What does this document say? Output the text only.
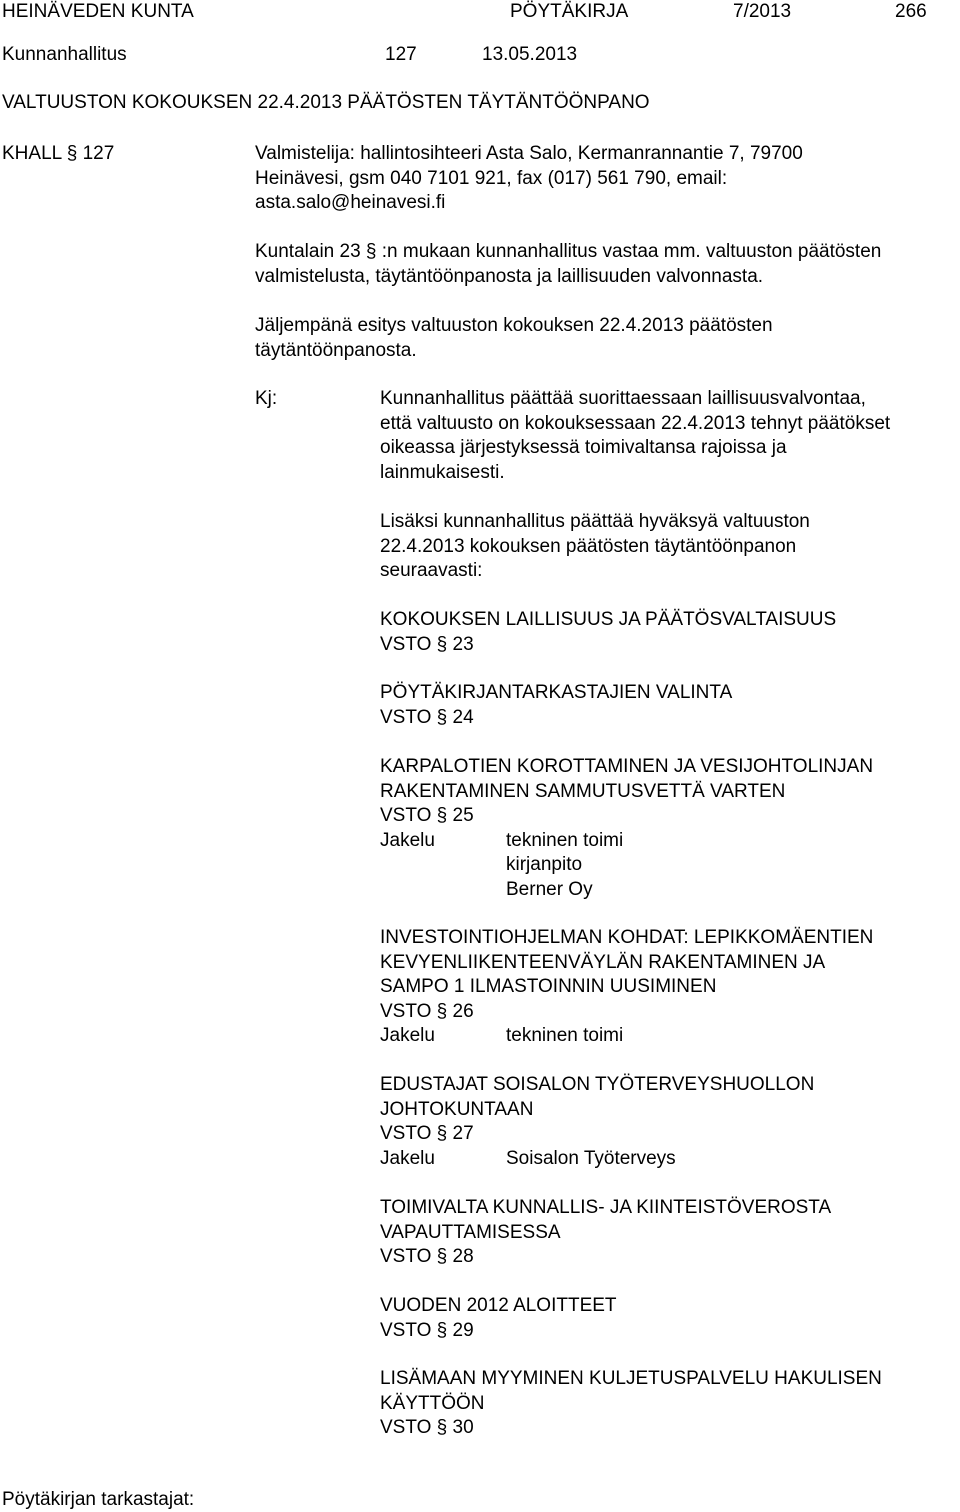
HEINÄVEDEN KUNTA	PÖYTÄKIRJA	7/2013	266
Kunnanhallitus	127	13.05.2013
VALTUUSTON KOKOUKSEN 22.4.2013 PÄÄTÖSTEN TÄYTÄNTÖÖNPANO
KHALL § 127	Valmistelija: hallintosihteeri Asta Salo, Kermanrannantie 7, 79700
Heinävesi, gsm 040 7101 921, fax (017) 561 790, email:
asta.salo@heinavesi.fi
Kuntalain 23 § :n mukaan kunnanhallitus vastaa mm. valtuuston päätösten
valmistelusta, täytäntöönpanosta ja laillisuuden valvonnasta.
Jäljempänä esitys valtuuston kokouksen 22.4.2013 päätösten
täytäntöönpanosta.
Kj:	Kunnanhallitus päättää suorittaessaan laillisuusvalvontaa,
että valtuusto on kokouksessaan 22.4.2013 tehnyt päätökset
oikeassa järjestyksessä toimivaltansa rajoissa ja
lainmukaisesti.
Lisäksi kunnanhallitus päättää hyväksyä valtuuston
22.4.2013 kokouksen päätösten täytäntöönpanon
seuraavasti:
KOKOUKSEN LAILLISUUS JA PÄÄTÖSVALTAISUUS
VSTO § 23
PÖYTÄKIRJANTARKASTAJIEN VALINTA
VSTO § 24
KARPALOTIEN KOROTTAMINEN JA VESIJOHTOLINJAN
RAKENTAMINEN SAMMUTUSVETTÄ VARTEN
VSTO § 25
Jakelu	tekninen toimi
kirjanpito
Berner Oy
INVESTOINTIOHJELMAN KOHDAT: LEPIKKOMÄENTIEN
KEVYENLIIKENTEENVÄYLÄN RAKENTAMINEN JA
SAMPO 1 ILMASTOINNIN UUSIMINEN
VSTO § 26
Jakelu	tekninen toimi
EDUSTAJAT SOISALON TYÖTERVEYSHUOLLON
JOHTOKUNTAAN
VSTO § 27
Jakelu	Soisalon Työterveys
TOIMIVALTA KUNNALLIS- JA KIINTEISTÖVEROSTA
VAPAUTTAMISESSA
VSTO § 28
VUODEN 2012 ALOITTEET
VSTO § 29
LISÄMAAN MYYMINEN KULJETUSPALVELU HAKULISEN
KÄYTTÖÖN
VSTO § 30
Pöytäkirjan tarkastajat:
